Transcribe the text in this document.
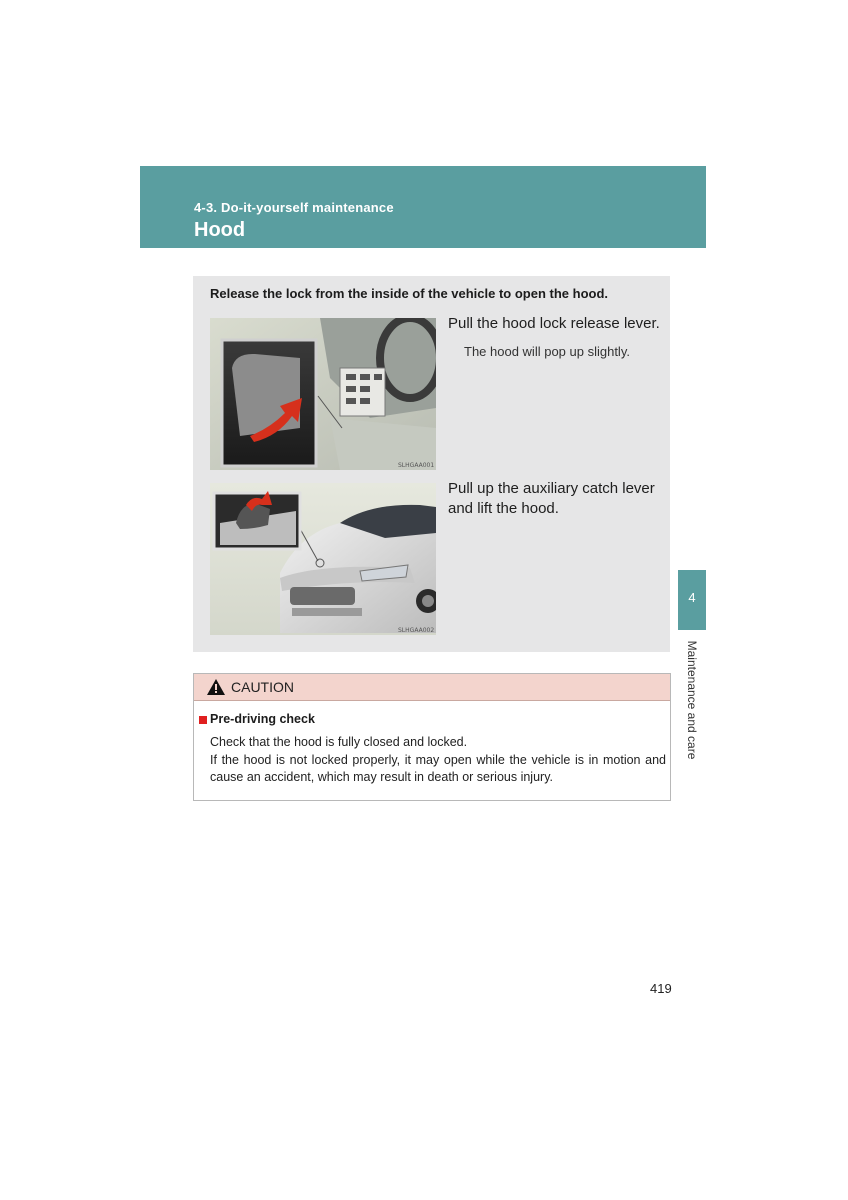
4-3. Do-it-yourself maintenance
Hood
Release the lock from the inside of the vehicle to open the hood.
SLHGAA001
Pull the hood lock release lever.
The hood will pop up slightly.
SLHGAA002
Pull up the auxiliary catch lever and lift the hood.
CAUTION
Pre-driving check

Check that the hood is fully closed and locked.

If the hood is not locked properly, it may open while the vehicle is in motion and cause an accident, which may result in death or serious injury.

4
Maintenance and care
419
